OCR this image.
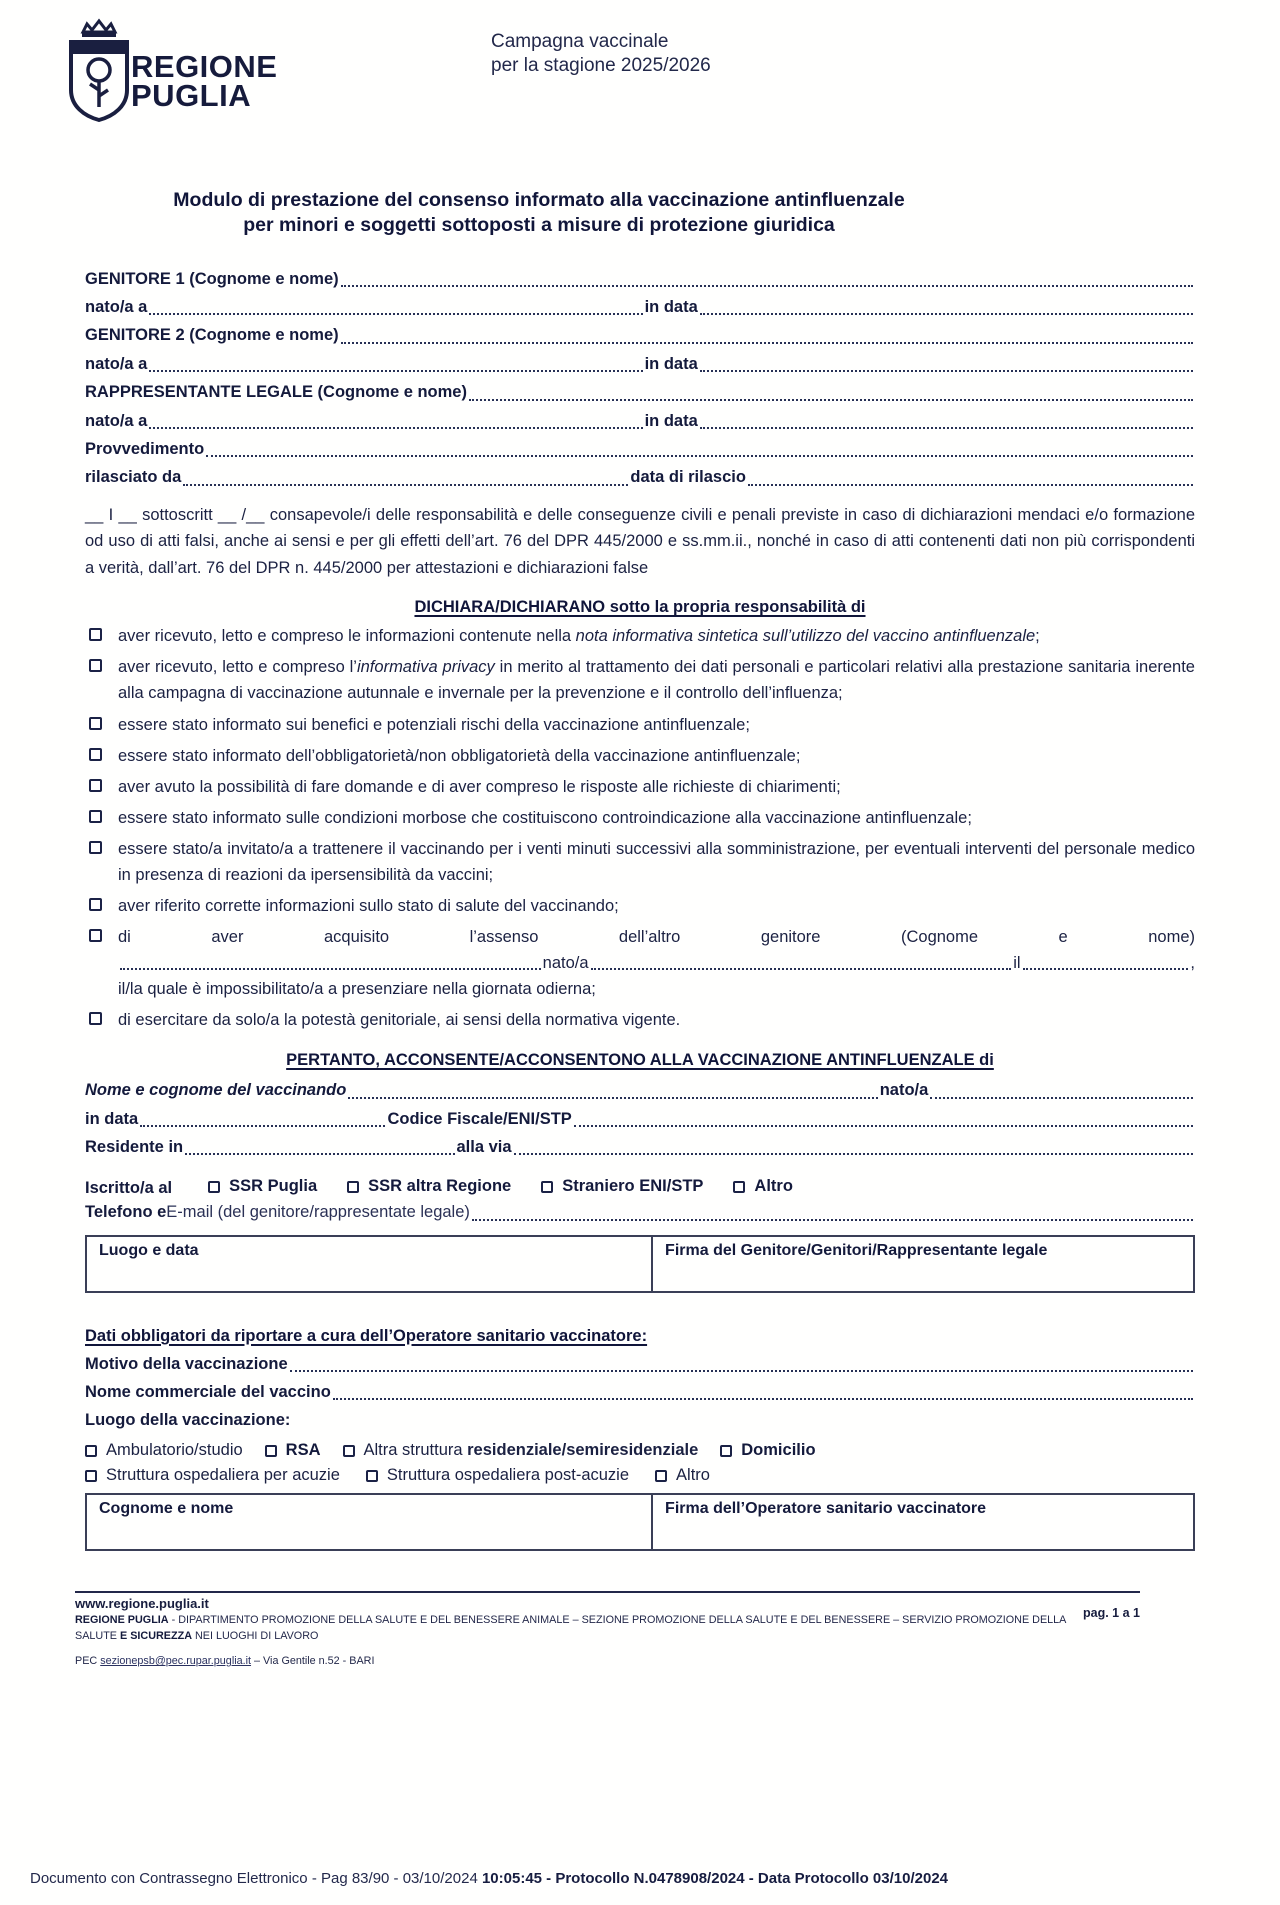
REGIONE
PUGLIA
Campagna vaccinale
per la stagione 2025/2026
Modulo di prestazione del consenso informato alla vaccinazione antinfluenzale
per minori e soggetti sottoposti a misure di protezione giuridica
GENITORE 1 (Cognome e nome)
nato/a a	in data
GENITORE 2 (Cognome e nome)
nato/a a	in data
RAPPRESENTANTE LEGALE (Cognome e nome)
nato/a a	in data
Provvedimento
rilasciato da	data di rilascio

__ I __ sottoscritt __ /__ consapevole/i delle responsabilità e delle conseguenze civili e penali previste in caso di dichiarazioni mendaci e/o formazione od uso di atti falsi, anche ai sensi e per gli effetti dell’art. 76 del DPR 445/2000 e ss.mm.ii., nonché in caso di atti contenenti dati non più corrispondenti a verità, dall’art. 76 del DPR n. 445/2000 per attestazioni e dichiarazioni false

DICHIARA/DICHIARANO sotto la propria responsabilità di
aver ricevuto, letto e compreso le informazioni contenute nella nota informativa sintetica sull’utilizzo del vaccino antinfluenzale;
aver ricevuto, letto e compreso l’informativa privacy in merito al trattamento dei dati personali e particolari relativi alla prestazione sanitaria inerente alla campagna di vaccinazione autunnale e invernale per la prevenzione e il controllo dell’influenza;
essere stato informato sui benefici e potenziali rischi della vaccinazione antinfluenzale;
essere stato informato dell’obbligatorietà/non obbligatorietà della vaccinazione antinfluenzale;
aver avuto la possibilità di fare domande e di aver compreso le risposte alle richieste di chiarimenti;
essere stato informato sulle condizioni morbose che costituiscono controindicazione alla vaccinazione antinfluenzale;
essere stato/a invitato/a a trattenere il vaccinando per i venti minuti successivi alla somministrazione, per eventuali interventi del personale medico in presenza di reazioni da ipersensibilità da vaccini;
aver riferito corrette informazioni sullo stato di salute del vaccinando;
di aver acquisito l’assenso dell’altro genitore (Cognome e nome)
nato/a	il	,
il/la quale è impossibilitato/a a presenziare nella giornata odierna;
di esercitare da solo/a la potestà genitoriale, ai sensi della normativa vigente.
PERTANTO, ACCONSENTE/ACCONSENTONO ALLA VACCINAZIONE ANTINFLUENZALE di
Nome e cognome del vaccinando	nato/a
in data	Codice Fiscale/ENI/STP
Residente in	alla via
Iscritto/a al	SSR Puglia	SSR altra Regione	Straniero ENI/STP	Altro
Telefono e E-mail (del genitore/rappresentate legale)
Luogo e data	Firma del Genitore/Genitori/Rappresentante legale
Dati obbligatori da riportare a cura dell’Operatore sanitario vaccinatore:
Motivo della vaccinazione
Nome commerciale del vaccino
Luogo della vaccinazione:
Ambulatorio/studio	RSA	Altra struttura residenziale/semiresidenziale	Domicilio
Struttura ospedaliera per acuzie	Struttura ospedaliera post-acuzie	Altro
Cognome e nome	Firma dell’Operatore sanitario vaccinatore
www.regione.puglia.it
pag. 1 a 1

REGIONE PUGLIA - DIPARTIMENTO PROMOZIONE DELLA SALUTE E DEL BENESSERE ANIMALE – SEZIONE PROMOZIONE DELLA SALUTE E DEL BENESSERE – SERVIZIO PROMOZIONE DELLA SALUTE E SICUREZZA NEI LUOGHI DI LAVORO

PEC sezionepsb@pec.rupar.puglia.it – Via Gentile n.52 - BARI
Documento con Contrassegno Elettronico - Pag 83/90 - 03/10/2024 10:05:45 - Protocollo N.0478908/2024 - Data Protocollo 03/10/2024
